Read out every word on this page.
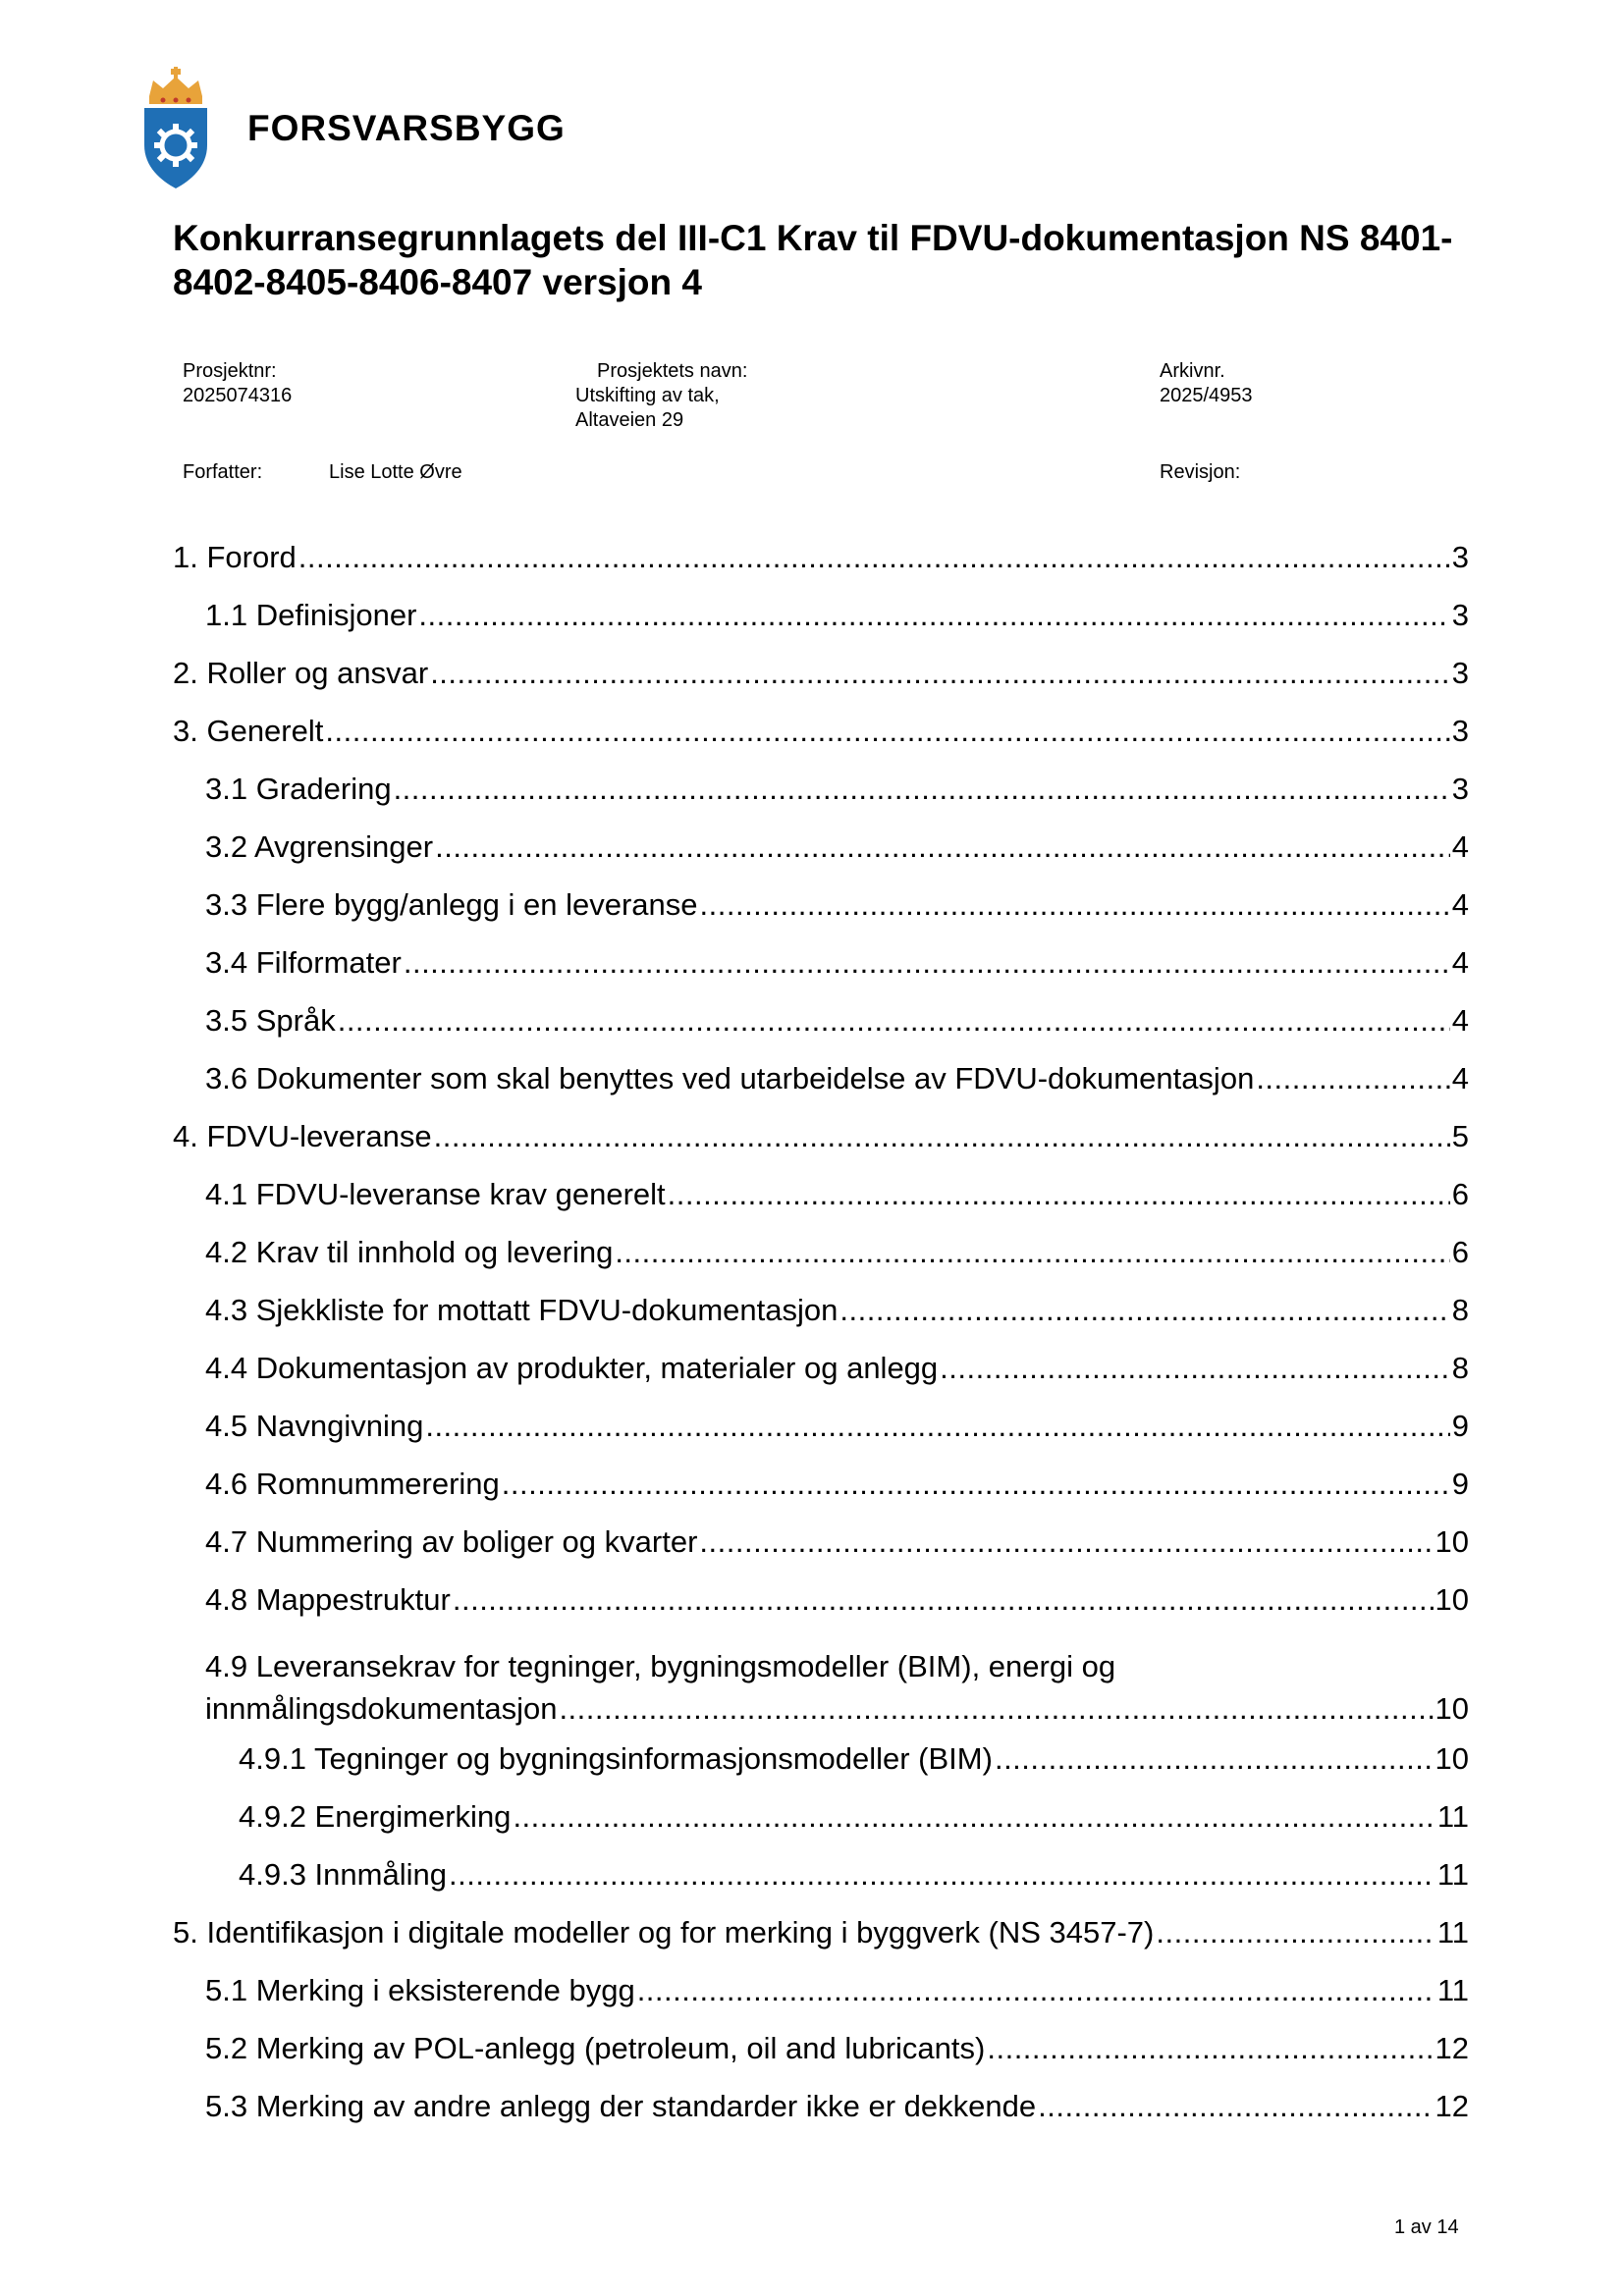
FORSVARSBYGG
Konkurransegrunnlagets del III-C1 Krav til FDVU-dokumentasjon NS 8401-8402-8405-8406-8407 versjon 4
Prosjektnr:
2025074316
Prosjektets navn:
Utskifting av tak,
Altaveien 29
Arkivnr.
2025/4953
Forfatter:	Lise Lotte Øvre	Revisjon:
1. Forord .....	3
1.1 Definisjoner .....	3
2. Roller og ansvar .....	3
3. Generelt .....	3
3.1 Gradering .....	3
3.2 Avgrensinger .....	4
3.3 Flere bygg/anlegg i en leveranse .....	4
3.4 Filformater .....	4
3.5 Språk .....	4
3.6 Dokumenter som skal benyttes ved utarbeidelse av FDVU-dokumentasjon .....	4
4. FDVU-leveranse .....	5
4.1 FDVU-leveranse krav generelt .....	6
4.2 Krav til innhold og levering .....	6
4.3 Sjekkliste for mottatt FDVU-dokumentasjon .....	8
4.4 Dokumentasjon av produkter, materialer og anlegg .....	8
4.5 Navngivning .....	9
4.6 Romnummerering .....	9
4.7 Nummering av boliger og kvarter .....	10
4.8 Mappestruktur .....	10
4.9 Leveransekrav for tegninger, bygningsmodeller (BIM), energi og
innmålingsdokumentasjon .....	10
4.9.1 Tegninger og bygningsinformasjonsmodeller (BIM) .....	10
4.9.2 Energimerking .....	11
4.9.3 Innmåling .....	11
5. Identifikasjon i digitale modeller og for merking i byggverk (NS 3457-7) .....	11
5.1 Merking i eksisterende bygg .....	11
5.2 Merking av POL-anlegg (petroleum, oil and lubricants) .....	12
5.3 Merking av andre anlegg der standarder ikke er dekkende .....	12
1 av 14
